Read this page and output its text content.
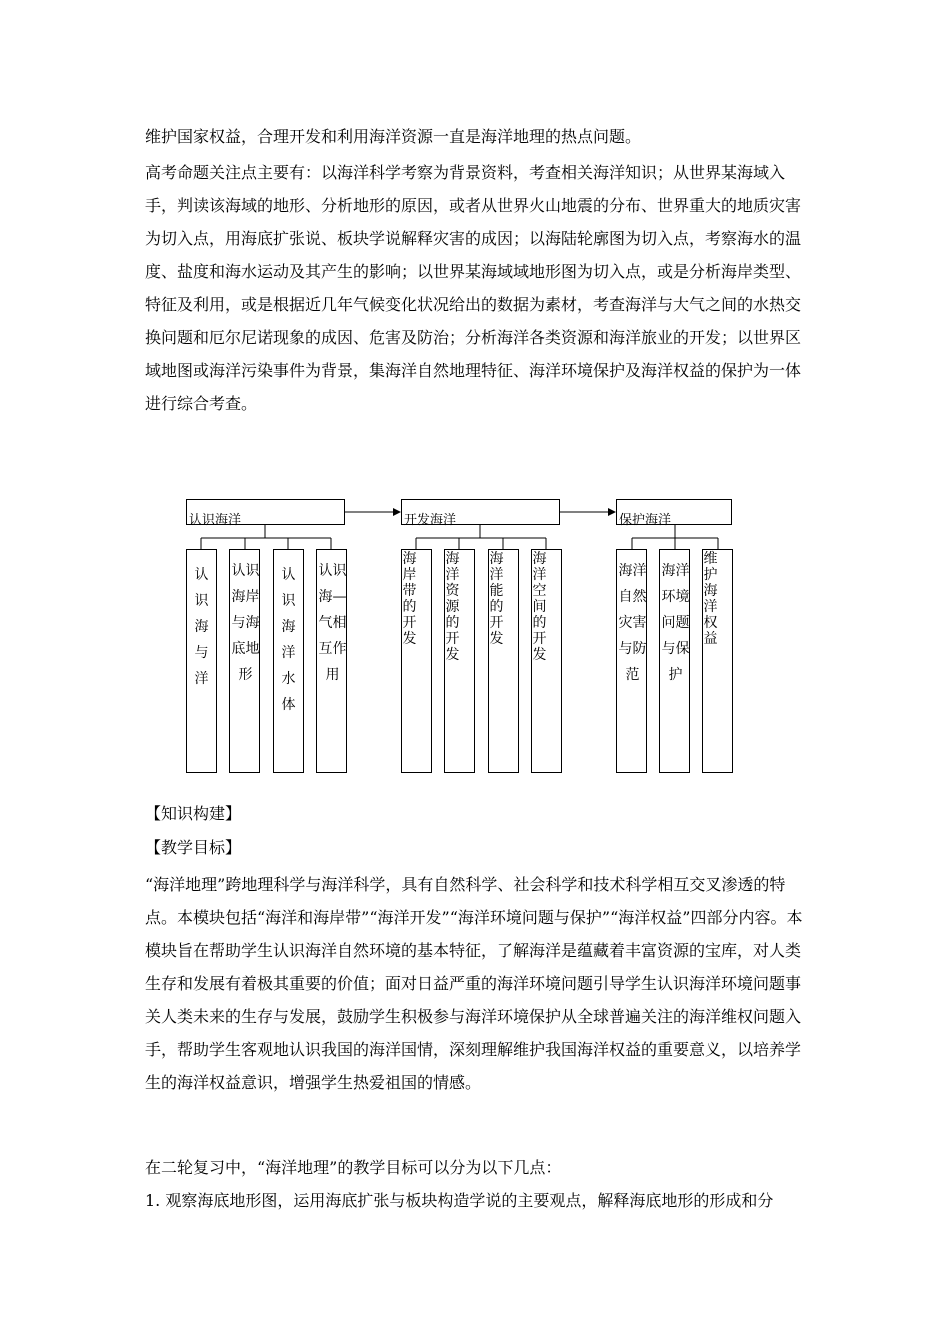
维护国家权益，合理开发和利用海洋资源一直是海洋地理的热点问题。

高考命题关注点主要有：以海洋科学考察为背景资料，考查相关海洋知识；从世界某海域入手，判读该海域的地形、分析地形的原因，或者从世界火山地震的分布、世界重大的地质灾害为切入点，用海底扩张说、板块学说解释灾害的成因；以海陆轮廓图为切入点，考察海水的温度、盐度和海水运动及其产生的影响；以世界某海域域地形图为切入点，或是分析海岸类型、特征及利用，或是根据近几年气候变化状况给出的数据为素材，考查海洋与大气之间的水热交换问题和厄尔尼诺现象的成因、危害及防治；分析海洋各类资源和海洋旅业的开发；以世界区域地图或海洋污染事件为背景，集海洋自然地理特征、海洋环境保护及海洋权益的保护为一体进行综合考查。

认识海洋	开发海洋	保护海洋
认识海与洋
认识海岸与海底地形
认识海洋水体
认识海—气相互作用
海岸带的开发
海洋资源的开发
海洋能的开发
海洋空间的开发
海洋自然灾害与防范
海洋环境问题与保护
维护海洋权益

【知识构建】

【教学目标】

“海洋地理”跨地理科学与海洋科学，具有自然科学、社会科学和技术科学相互交叉渗透的特点。本模块包括“海洋和海岸带”“海洋开发”“海洋环境问题与保护”“海洋权益”四部分内容。本模块旨在帮助学生认识海洋自然环境的基本特征，了解海洋是蕴藏着丰富资源的宝库，对人类生存和发展有着极其重要的价值；面对日益严重的海洋环境问题引导学生认识海洋环境问题事关人类未来的生存与发展，鼓励学生积极参与海洋环境保护从全球普遍关注的海洋维权问题入手，帮助学生客观地认识我国的海洋国情，深刻理解维护我国海洋权益的重要意义，以培养学生的海洋权益意识，增强学生热爱祖国的情感。

在二轮复习中，“海洋地理”的教学目标可以分为以下几点：

1. 观察海底地形图，运用海底扩张与板块构造学说的主要观点，解释海底地形的形成和分
